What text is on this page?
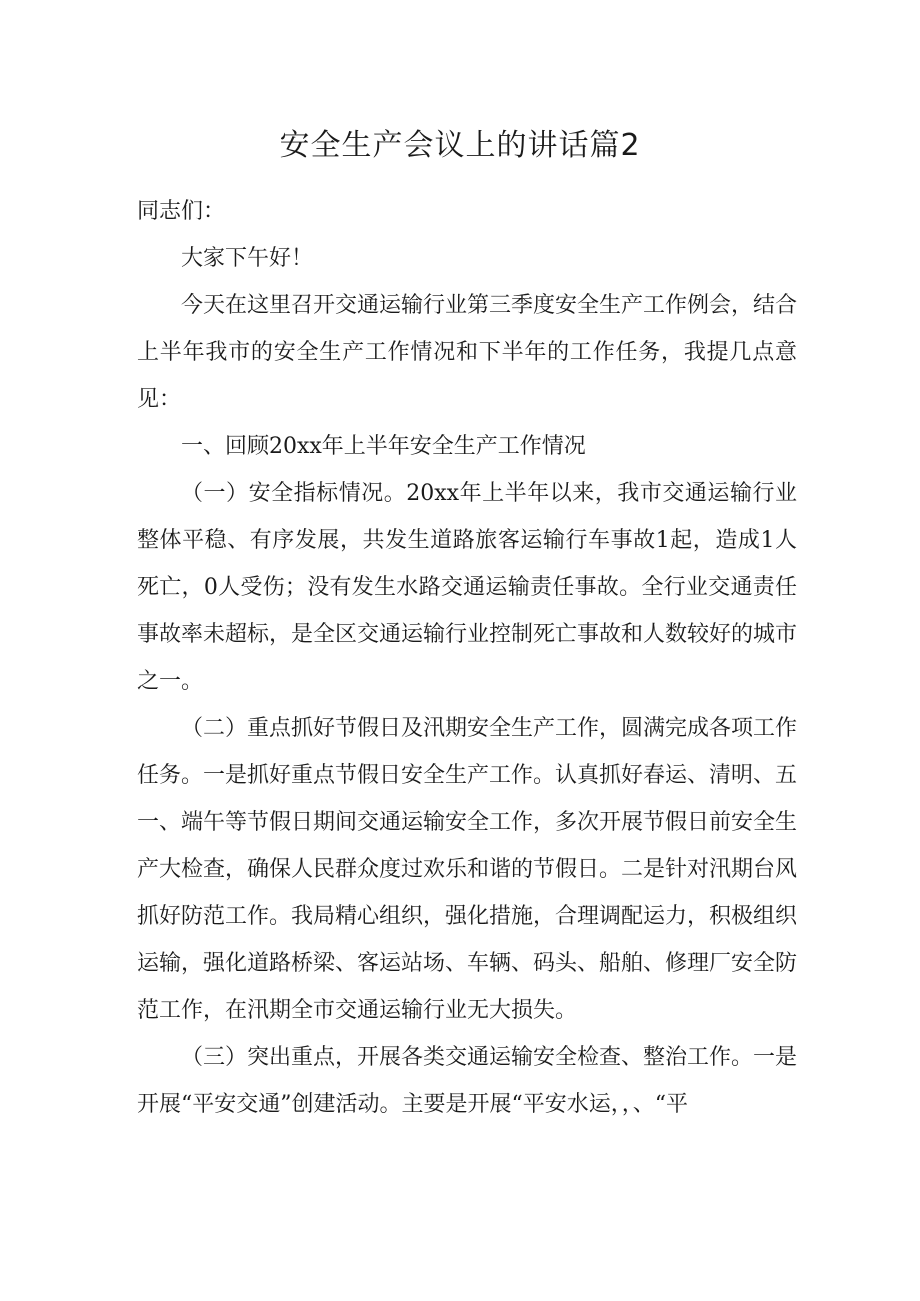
安全生产会议上的讲话篇2

同志们：

大家下午好！

今天在这里召开交通运输行业第三季度安全生产工作例会，结合上半年我市的安全生产工作情况和下半年的工作任务，我提几点意见：

一、回顾20xx年上半年安全生产工作情况

（一）安全指标情况。20xx年上半年以来，我市交通运输行业整体平稳、有序发展，共发生道路旅客运输行车事故1起，造成1人死亡，0人受伤；没有发生水路交通运输责任事故。全行业交通责任事故率未超标，是全区交通运输行业控制死亡事故和人数较好的城市之一。

（二）重点抓好节假日及汛期安全生产工作，圆满完成各项工作任务。一是抓好重点节假日安全生产工作。认真抓好春运、清明、五一、端午等节假日期间交通运输安全工作，多次开展节假日前安全生产大检查，确保人民群众度过欢乐和谐的节假日。二是针对汛期台风抓好防范工作。我局精心组织，强化措施，合理调配运力，积极组织运输，强化道路桥梁、客运站场、车辆、码头、船舶、修理厂安全防范工作，在汛期全市交通运输行业无大损失。

（三）突出重点，开展各类交通运输安全检查、整治工作。一是开展“平安交通”创建活动。主要是开展“平安水运，，、“平
